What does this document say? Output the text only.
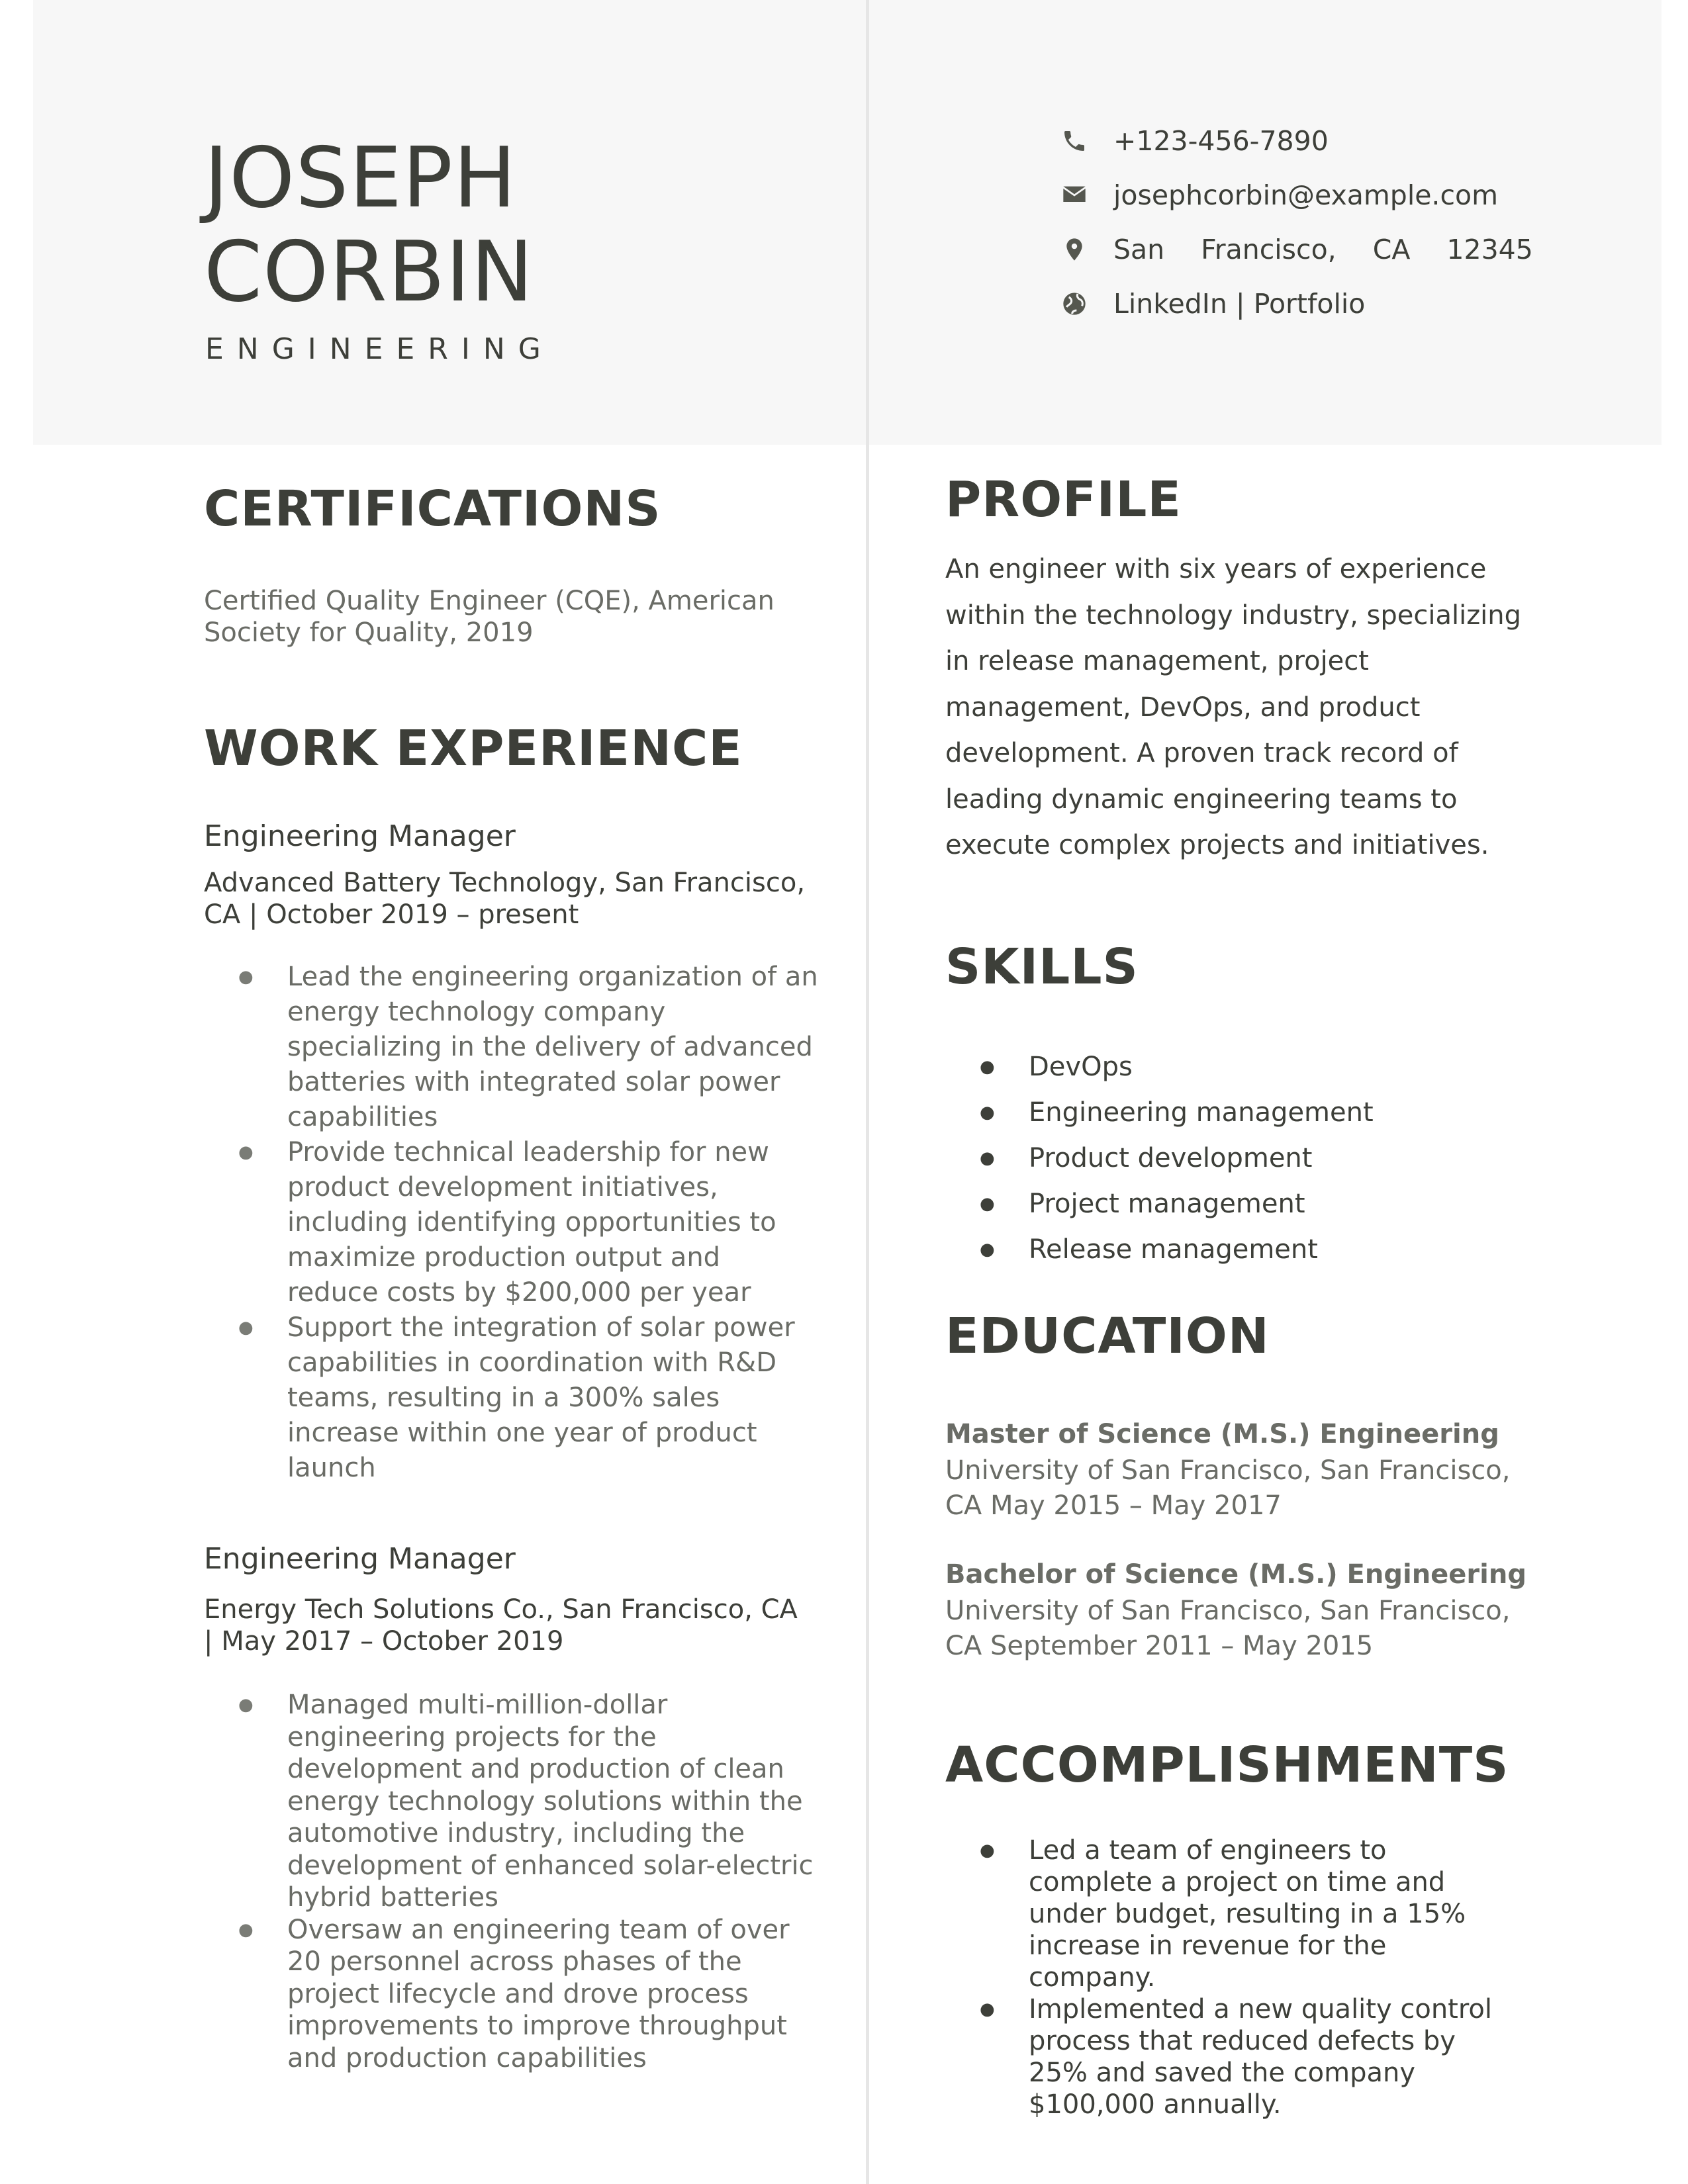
JOSEPH
CORBIN
ENGINEERING
+123-456-7890
josephcorbin@example.com
San Francisco, CA 12345
LinkedIn | Portfolio
CERTIFICATIONS
Certified Quality Engineer (CQE), American
Society for Quality, 2019
WORK EXPERIENCE
Engineering Manager
Advanced Battery Technology, San Francisco,
CA | October 2019 – present
● Lead the engineering organization of an
energy technology company
specializing in the delivery of advanced
batteries with integrated solar power
capabilities
● Provide technical leadership for new
product development initiatives,
including identifying opportunities to
maximize production output and
reduce costs by $200,000 per year
● Support the integration of solar power
capabilities in coordination with R&D
teams, resulting in a 300% sales
increase within one year of product
launch
Engineering Manager
Energy Tech Solutions Co., San Francisco, CA
| May 2017 – October 2019
● Managed multi-million-dollar
engineering projects for the
development and production of clean
energy technology solutions within the
automotive industry, including the
development of enhanced solar-electric
hybrid batteries
● Oversaw an engineering team of over
20 personnel across phases of the
project lifecycle and drove process
improvements to improve throughput
and production capabilities
PROFILE
An engineer with six years of experience
within the technology industry, specializing
in release management, project
management, DevOps, and product
development. A proven track record of
leading dynamic engineering teams to
execute complex projects and initiatives.
SKILLS
● DevOps
● Engineering management
● Product development
● Project management
● Release management
EDUCATION
Master of Science (M.S.) Engineering
University of San Francisco, San Francisco,
CA May 2015 – May 2017
Bachelor of Science (M.S.) Engineering
University of San Francisco, San Francisco,
CA September 2011 – May 2015
ACCOMPLISHMENTS
● Led a team of engineers to
complete a project on time and
under budget, resulting in a 15%
increase in revenue for the
company.
● Implemented a new quality control
process that reduced defects by
25% and saved the company
$100,000 annually.
